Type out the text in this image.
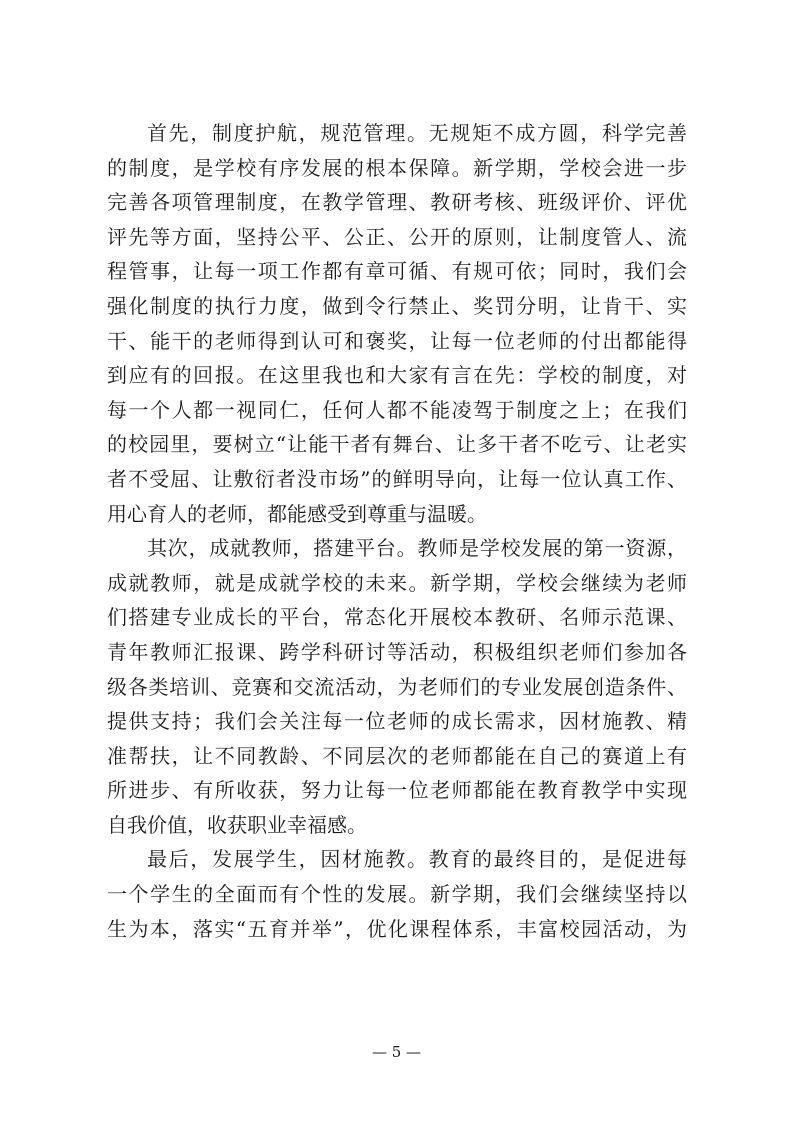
首先，制度护航，规范管理。无规矩不成方圆，科学完善
的制度，是学校有序发展的根本保障。新学期，学校会进一步
完善各项管理制度，在教学管理、教研考核、班级评价、评优
评先等方面，坚持公平、公正、公开的原则，让制度管人、流
程管事，让每一项工作都有章可循、有规可依；同时，我们会
强化制度的执行力度，做到令行禁止、奖罚分明，让肯干、实
干、能干的老师得到认可和褒奖，让每一位老师的付出都能得
到应有的回报。在这里我也和大家有言在先：学校的制度，对
每一个人都一视同仁，任何人都不能凌驾于制度之上；在我们
的校园里，要树立“让能干者有舞台、让多干者不吃亏、让老实
者不受屈、让敷衍者没市场”的鲜明导向，让每一位认真工作、
用心育人的老师，都能感受到尊重与温暖。
其次，成就教师，搭建平台。教师是学校发展的第一资源，
成就教师，就是成就学校的未来。新学期，学校会继续为老师
们搭建专业成长的平台，常态化开展校本教研、名师示范课、
青年教师汇报课、跨学科研讨等活动，积极组织老师们参加各
级各类培训、竞赛和交流活动，为老师们的专业发展创造条件、
提供支持；我们会关注每一位老师的成长需求，因材施教、精
准帮扶，让不同教龄、不同层次的老师都能在自己的赛道上有
所进步、有所收获，努力让每一位老师都能在教育教学中实现
自我价值，收获职业幸福感。
最后，发展学生，因材施教。教育的最终目的，是促进每
一个学生的全面而有个性的发展。新学期，我们会继续坚持以
生为本，落实“五育并举”，优化课程体系，丰富校园活动，为
— 5 —
